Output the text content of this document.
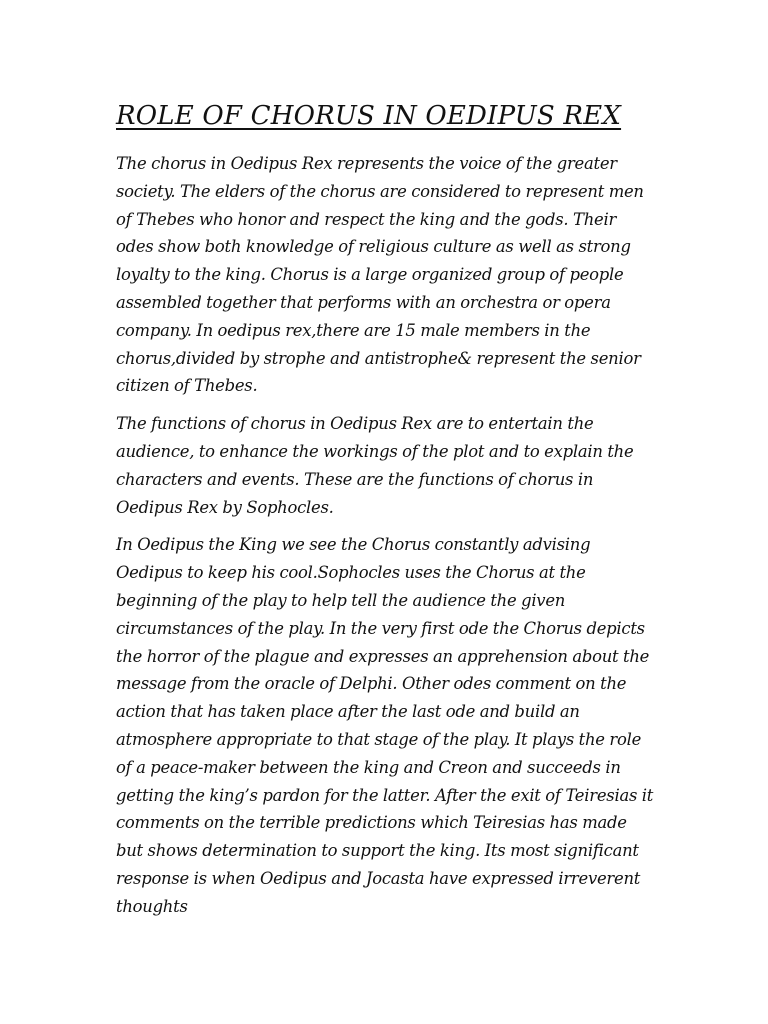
ROLE OF CHORUS IN OEDIPUS REX

The chorus in Oedipus Rex represents the voice of the greater society. The elders of the chorus are considered to represent men of Thebes who honor and respect the king and the gods. Their odes show both knowledge of religious culture as well as strong loyalty to the king. Chorus is a large organized group of people assembled together that performs with an orchestra or opera company. In oedipus rex,there are 15 male members in the chorus,divided by strophe and antistrophe& represent the senior citizen of Thebes.

The functions of chorus in Oedipus Rex are to entertain the audience, to enhance the workings of the plot and to explain the characters and events. These are the functions of chorus in Oedipus Rex by Sophocles.

In Oedipus the King we see the Chorus constantly advising Oedipus to keep his cool.Sophocles uses the Chorus at the beginning of the play to help tell the audience the given circumstances of the play. In the very first ode the Chorus depicts the horror of the plague and expresses an apprehension about the message from the oracle of Delphi. Other odes comment on the action that has taken place after the last ode and build an atmosphere appropriate to that stage of the play. It plays the role of a peace-maker between the king and Creon and succeeds in getting the king’s pardon for the latter. After the exit of Teiresias it comments on the terrible predictions which Teiresias has made but shows determination to support the king. Its most significant response is when Oedipus and Jocasta have expressed irreverent thoughts
